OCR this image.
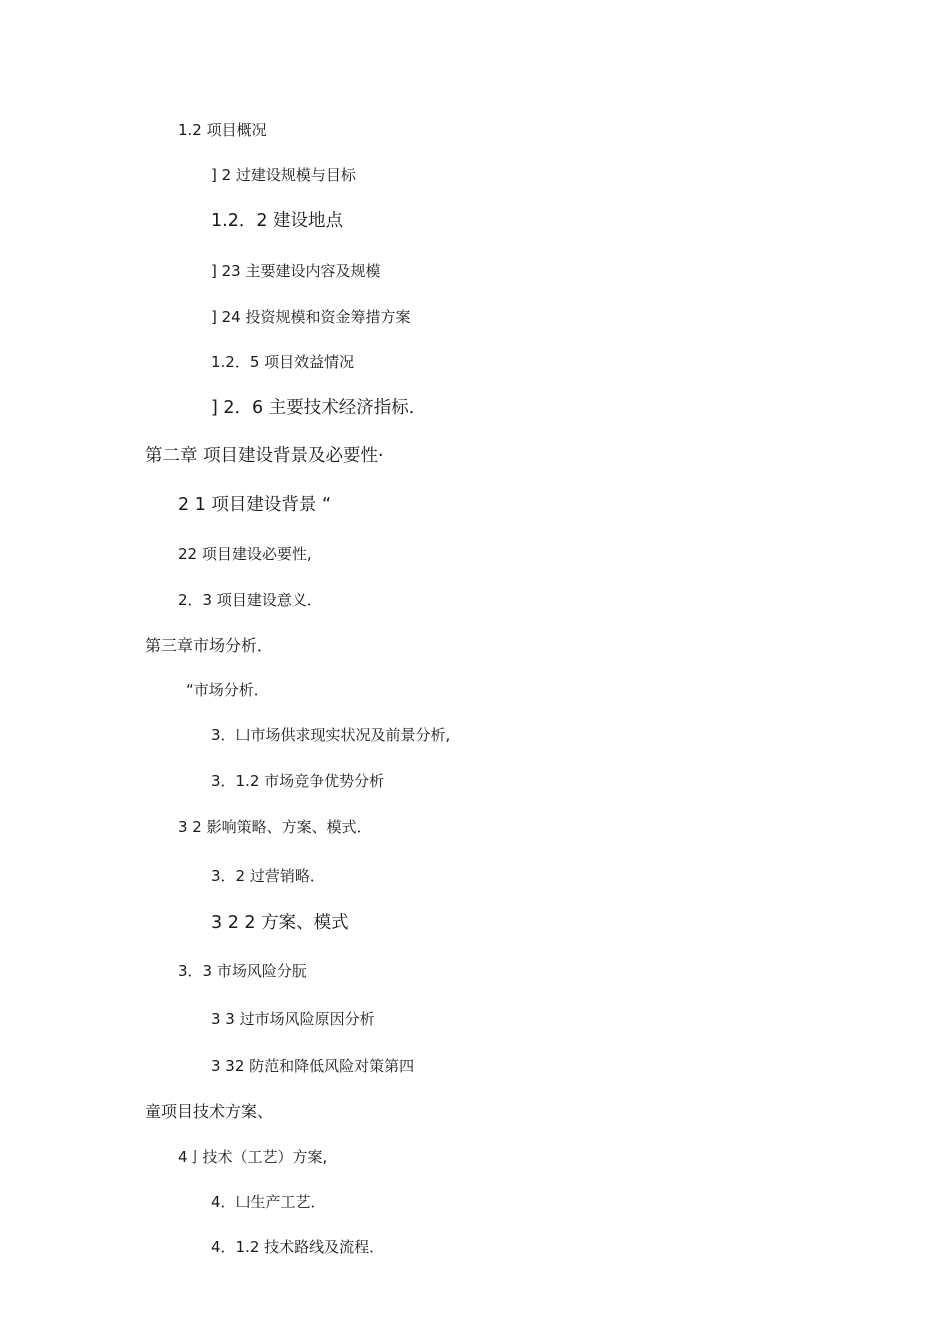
1.2 项目概况
] 2 过建设规模与目标
1.2．2 建设地点
] 23 主要建设内容及规模
] 24 投资规模和资金筹措方案
1.2．5 项目效益情况
] 2．6 主要技术经济指标．
第二章 项目建设背景及必要性·
2 1 项目建设背景 “
22 项目建设必要性,
2．3 项目建设意义．
第三章市场分析．
“市场分析．
3．凵市场供求现实状况及前景分析,
3．1.2 市场竞争优势分析
3 2 影响策略、方案、模式．
3．2 过营销略．
3 2 2 方案、模式
3．3 市场风险分朊
3 3 过市场风险原因分析
3 32 防范和降低风险对策第四
童项目技术方案、
4亅技术（工艺）方案,
4．凵生产工艺．
4．1.2 技术路线及流程．
